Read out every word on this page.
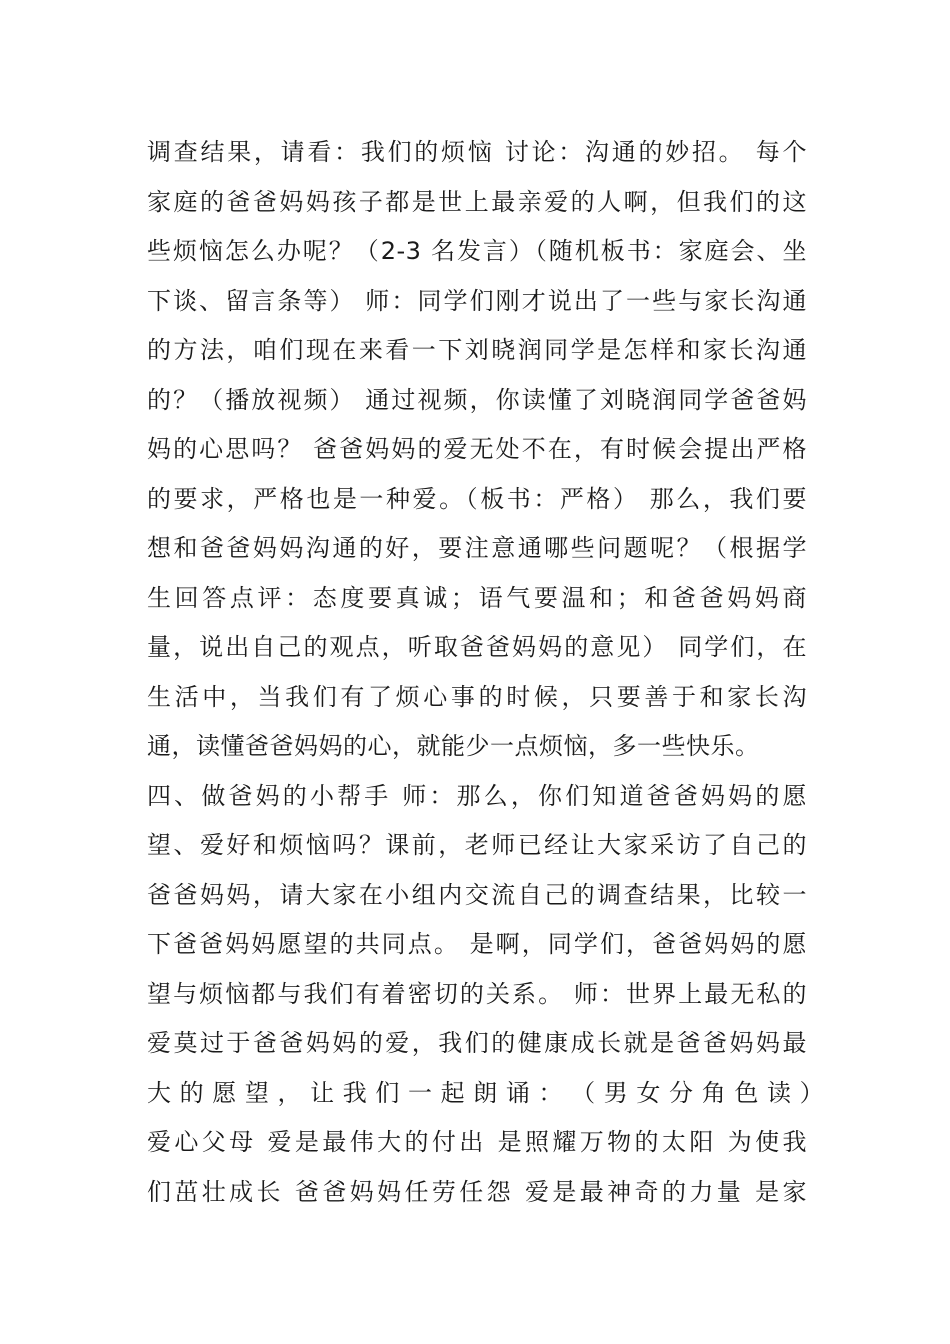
调查结果，请看：我们的烦恼 讨论：沟通的妙招。 每个
家庭的爸爸妈妈孩子都是世上最亲爱的人啊，但我们的这
些烦恼怎么办呢？（2-3 名发言）（随机板书：家庭会、坐
下谈、留言条等） 师：同学们刚才说出了一些与家长沟通
的方法，咱们现在来看一下刘晓润同学是怎样和家长沟通
的？（播放视频） 通过视频，你读懂了刘晓润同学爸爸妈
妈的心思吗？ 爸爸妈妈的爱无处不在，有时候会提出严格
的要求，严格也是一种爱。（板书：严格） 那么，我们要
想和爸爸妈妈沟通的好，要注意通哪些问题呢？（根据学
生回答点评：态度要真诚；语气要温和；和爸爸妈妈商
量，说出自己的观点，听取爸爸妈妈的意见） 同学们，在
生活中，当我们有了烦心事的时候，只要善于和家长沟
通，读懂爸爸妈妈的心，就能少一点烦恼，多一些快乐。
四、做爸妈的小帮手 师：那么，你们知道爸爸妈妈的愿
望、爱好和烦恼吗？课前，老师已经让大家采访了自己的
爸爸妈妈，请大家在小组内交流自己的调查结果，比较一
下爸爸妈妈愿望的共同点。 是啊，同学们，爸爸妈妈的愿
望与烦恼都与我们有着密切的关系。 师：世界上最无私的
爱莫过于爸爸妈妈的爱，我们的健康成长就是爸爸妈妈最
大 的 愿 望 ， 让 我 们 一 起 朗 诵 ： （ 男 女 分 角 色 读 ）
爱心父母 爱是最伟大的付出 是照耀万物的太阳 为使我
们茁壮成长 爸爸妈妈任劳任怨 爱是最神奇的力量 是家
